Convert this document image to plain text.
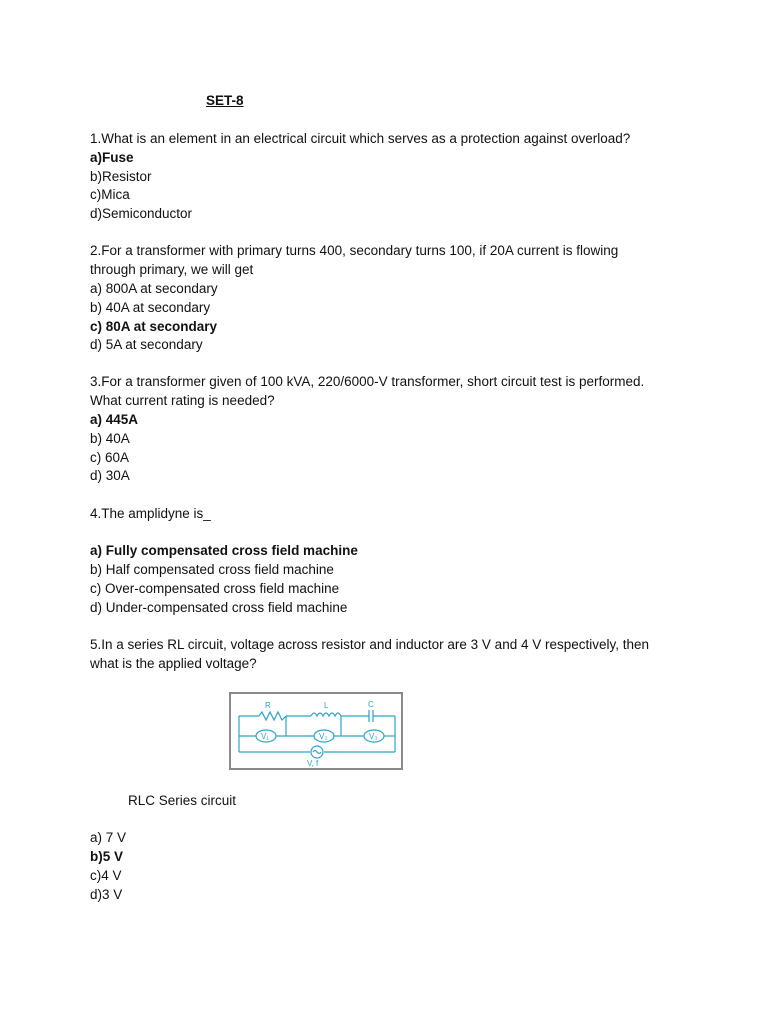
SET-8
1.What is an element in an electrical circuit which serves as a protection against overload?
a)Fuse
b)Resistor
c)Mica
d)Semiconductor
2.For a transformer with primary turns 400, secondary turns 100, if 20A current is flowing
through primary, we will get
a) 800A at secondary
b) 40A at secondary
c) 80A at secondary
d) 5A at secondary
3.For a transformer given of 100 kVA, 220/6000-V transformer, short circuit test is performed.
What current rating is needed?
a) 445A
b) 40A
c) 60A
d) 30A
4.The amplidyne is_
a) Fully compensated cross field machine
b) Half compensated cross field machine
c) Over-compensated cross field machine
d) Under-compensated cross field machine
5.In a series RL circuit, voltage across resistor and inductor are 3 V and 4 V respectively, then
what is the applied voltage?
R	L	C
V₁	V₂	V₃
V, f
RLC Series circuit
a) 7 V
b)5 V
c)4 V
d)3 V
